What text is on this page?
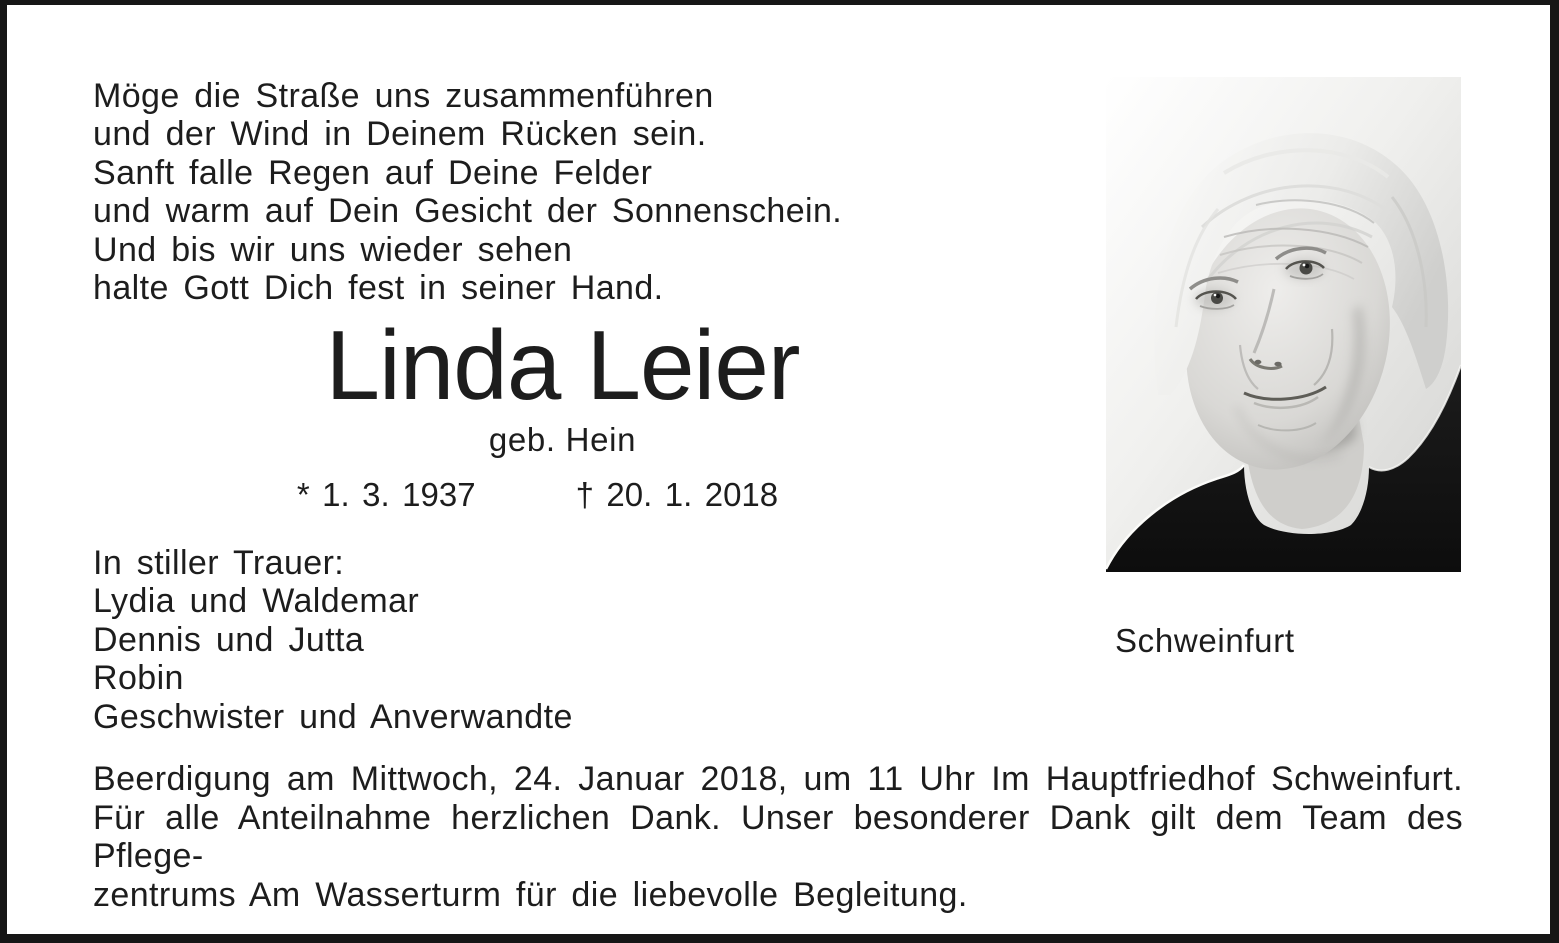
Möge die Straße uns zusammenführen
und der Wind in Deinem Rücken sein.
Sanft falle Regen auf Deine Felder
und warm auf Dein Gesicht der Sonnenschein.
Und bis wir uns wieder sehen
halte Gott Dich fest in seiner Hand.
Linda Leier
geb. Hein
* 1. 3. 1937	† 20. 1. 2018
In stiller Trauer:
Lydia und Waldemar
Dennis und Jutta
Robin
Geschwister und Anverwandte
Beerdigung am Mittwoch, 24. Januar 2018, um 11 Uhr Im Hauptfriedhof Schweinfurt.
Für alle Anteilnahme herzlichen Dank. Unser besonderer Dank gilt dem Team des Pflege-
zentrums Am Wasserturm für die liebevolle Begleitung.
Schweinfurt
